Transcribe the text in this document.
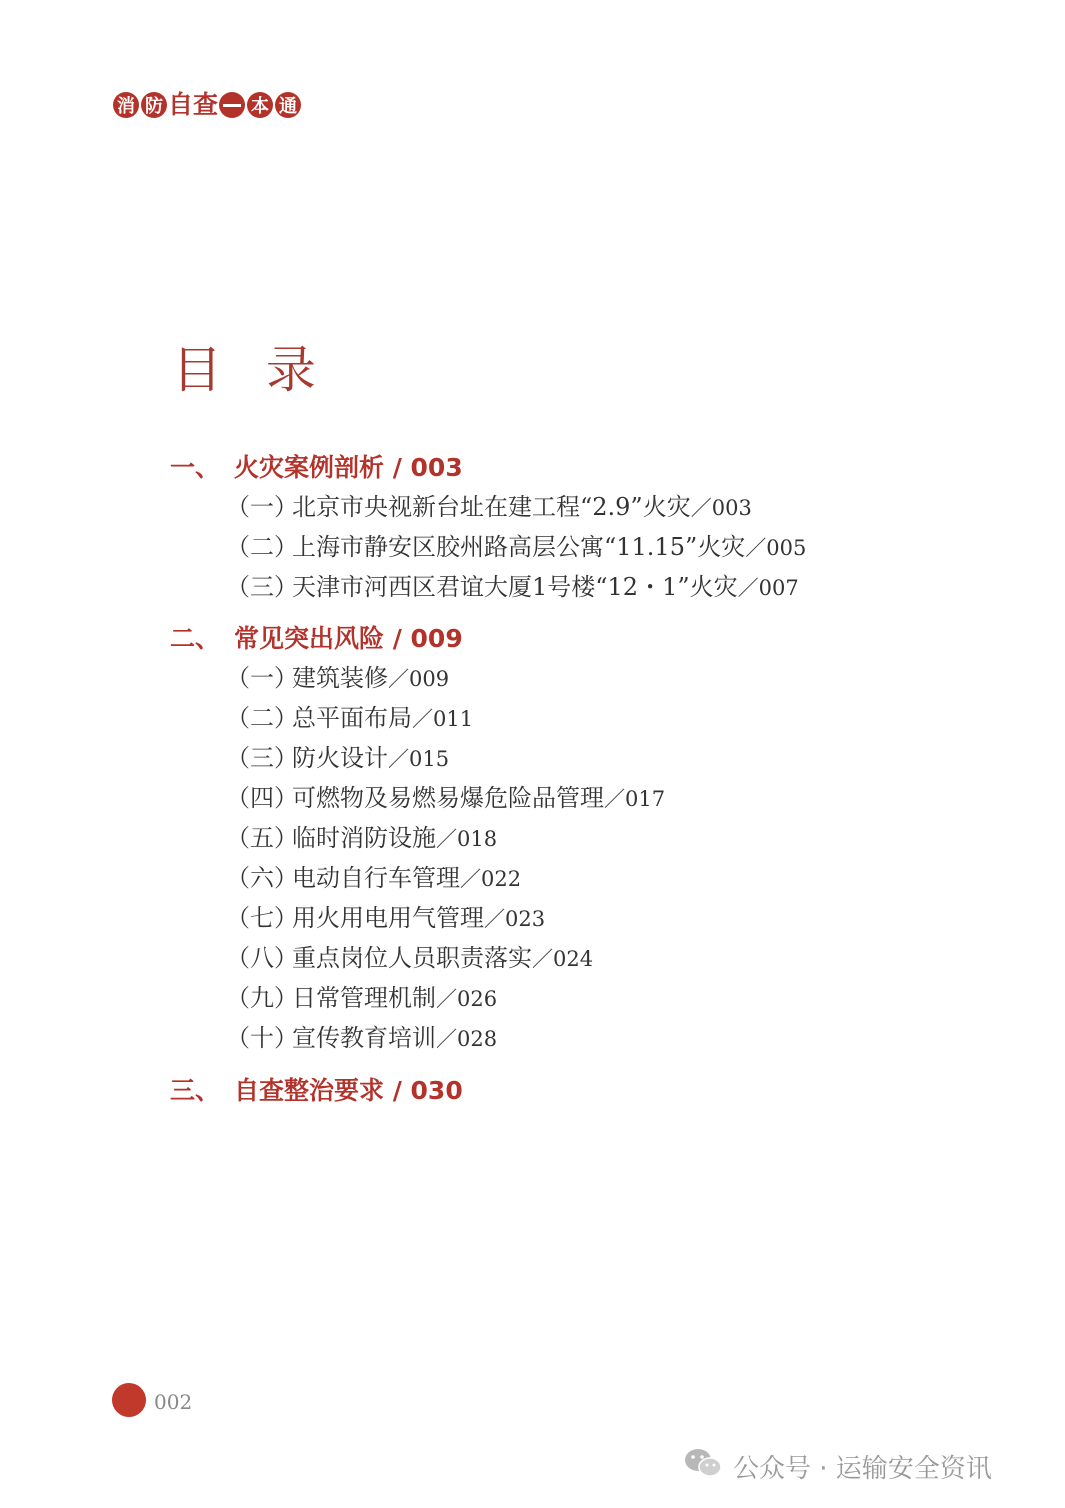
消 防 自 查 本 通
目 录
一、 火灾案例剖析 / 003
（一）北京市央视新台址在建工程“2.9”火灾／003
（二）上海市静安区胶州路高层公寓“11.15”火灾／005
（三）天津市河西区君谊大厦1号楼“12・1”火灾／007
二、 常见突出风险 / 009
（一）建筑装修／009
（二）总平面布局／011
（三）防火设计／015
（四）可燃物及易燃易爆危险品管理／017
（五）临时消防设施／018
（六）电动自行车管理／022
（七）用火用电用气管理／023
（八）重点岗位人员职责落实／024
（九）日常管理机制／026
（十）宣传教育培训／028
三、 自查整治要求 / 030
002
公众号 · 运输安全资讯
